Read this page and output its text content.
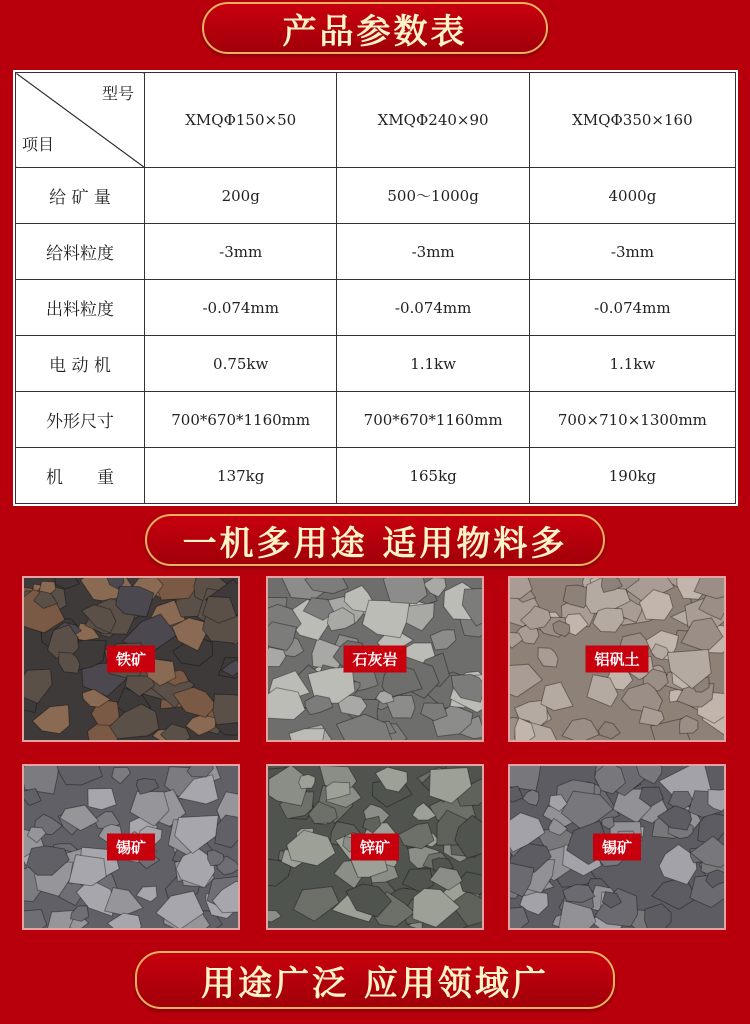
产品参数表
型号
项目	XMQΦ150×50	XMQΦ240×90	XMQΦ350×160
给 矿 量	200g	500～1000g	4000g
给料粒度	-3mm	-3mm	-3mm
出料粒度	-0.074mm	-0.074mm	-0.074mm
电 动 机	0.75kw	1.1kw	1.1kw
外形尺寸	700*670*1160mm	700*670*1160mm	700×710×1300mm
机　　重	137kg	165kg	190kg
一机多用途 适用物料多
铁矿	石灰岩	铝矾土
锡矿	锌矿	锡矿
用途广泛 应用领域广
